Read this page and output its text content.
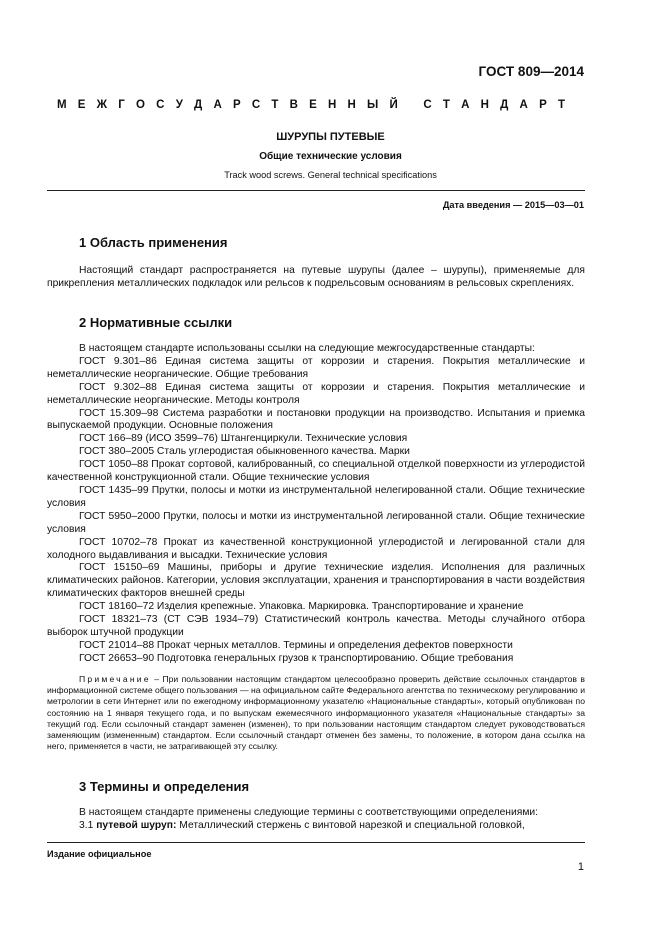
ГОСТ 809—2014
М Е Ж Г О С У Д А Р С Т В Е Н Н Ы Й
С Т А Н Д А Р Т
ШУРУПЫ ПУТЕВЫЕ
Общие технические условия
Track wood screws. General technical specifications
Дата введения — 2015—03—01
1 Область применения

Настоящий стандарт распространяется на путевые шурупы (далее – шурупы), применяемые для прикрепления металлических подкладок или рельсов к подрельсовым основаниям в рельсовых скреплениях.

2 Нормативные ссылки

В настоящем стандарте использованы ссылки на следующие межгосударственные стандарты:

ГОСТ 9.301–86 Единая система защиты от коррозии и старения. Покрытия металлические и неметаллические неорганические. Общие требования

ГОСТ 9.302–88 Единая система защиты от коррозии и старения. Покрытия металлические и неметаллические неорганические. Методы контроля

ГОСТ 15.309–98 Система разработки и постановки продукции на производство. Испытания и приемка выпускаемой продукции. Основные положения

ГОСТ 166–89 (ИСО 3599–76) Штангенциркули. Технические условия

ГОСТ 380–2005 Сталь углеродистая обыкновенного качества. Марки

ГОСТ 1050–88 Прокат сортовой, калиброванный, со специальной отделкой поверхности из углеродистой качественной конструкционной стали. Общие технические условия

ГОСТ 1435–99 Прутки, полосы и мотки из инструментальной нелегированной стали. Общие технические условия

ГОСТ 5950–2000 Прутки, полосы и мотки из инструментальной легированной стали. Общие технические условия

ГОСТ 10702–78 Прокат из качественной конструкционной углеродистой и легированной стали для холодного выдавливания и высадки. Технические условия

ГОСТ 15150–69 Машины, приборы и другие технические изделия. Исполнения для различных климатических районов. Категории, условия эксплуатации, хранения и транспортирования в части воздействия климатических факторов внешней среды

ГОСТ 18160–72 Изделия крепежные. Упаковка. Маркировка. Транспортирование и хранение

ГОСТ 18321–73 (СТ СЭВ 1934–79) Статистический контроль качества. Методы случайного отбора выборок штучной продукции

ГОСТ 21014–88 Прокат черных металлов. Термины и определения дефектов поверхности

ГОСТ 26653–90 Подготовка генеральных грузов к транспортированию. Общие требования

Примечание – При пользовании настоящим стандартом целесообразно проверить действие ссылочных стандартов в информационной системе общего пользования — на официальном сайте Федерального агентства по техническому регулированию и метрологии в сети Интернет или по ежегодному информационному указателю «Национальные стандарты», который опубликован по состоянию на 1 января текущего года, и по выпускам ежемесячного информационного указателя «Национальные стандарты» за текущий год. Если ссылочный стандарт заменен (изменен), то при пользовании настоящим стандартом следует руководствоваться заменяющим (измененным) стандартом. Если ссылочный стандарт отменен без замены, то положение, в котором дана ссылка на него, применяется в части, не затрагивающей эту ссылку.

3 Термины и определения

В настоящем стандарте применены следующие термины с соответствующими определениями:

3.1 путевой шуруп: Металлический стержень с винтовой нарезкой и специальной головкой,

Издание официальное
1
